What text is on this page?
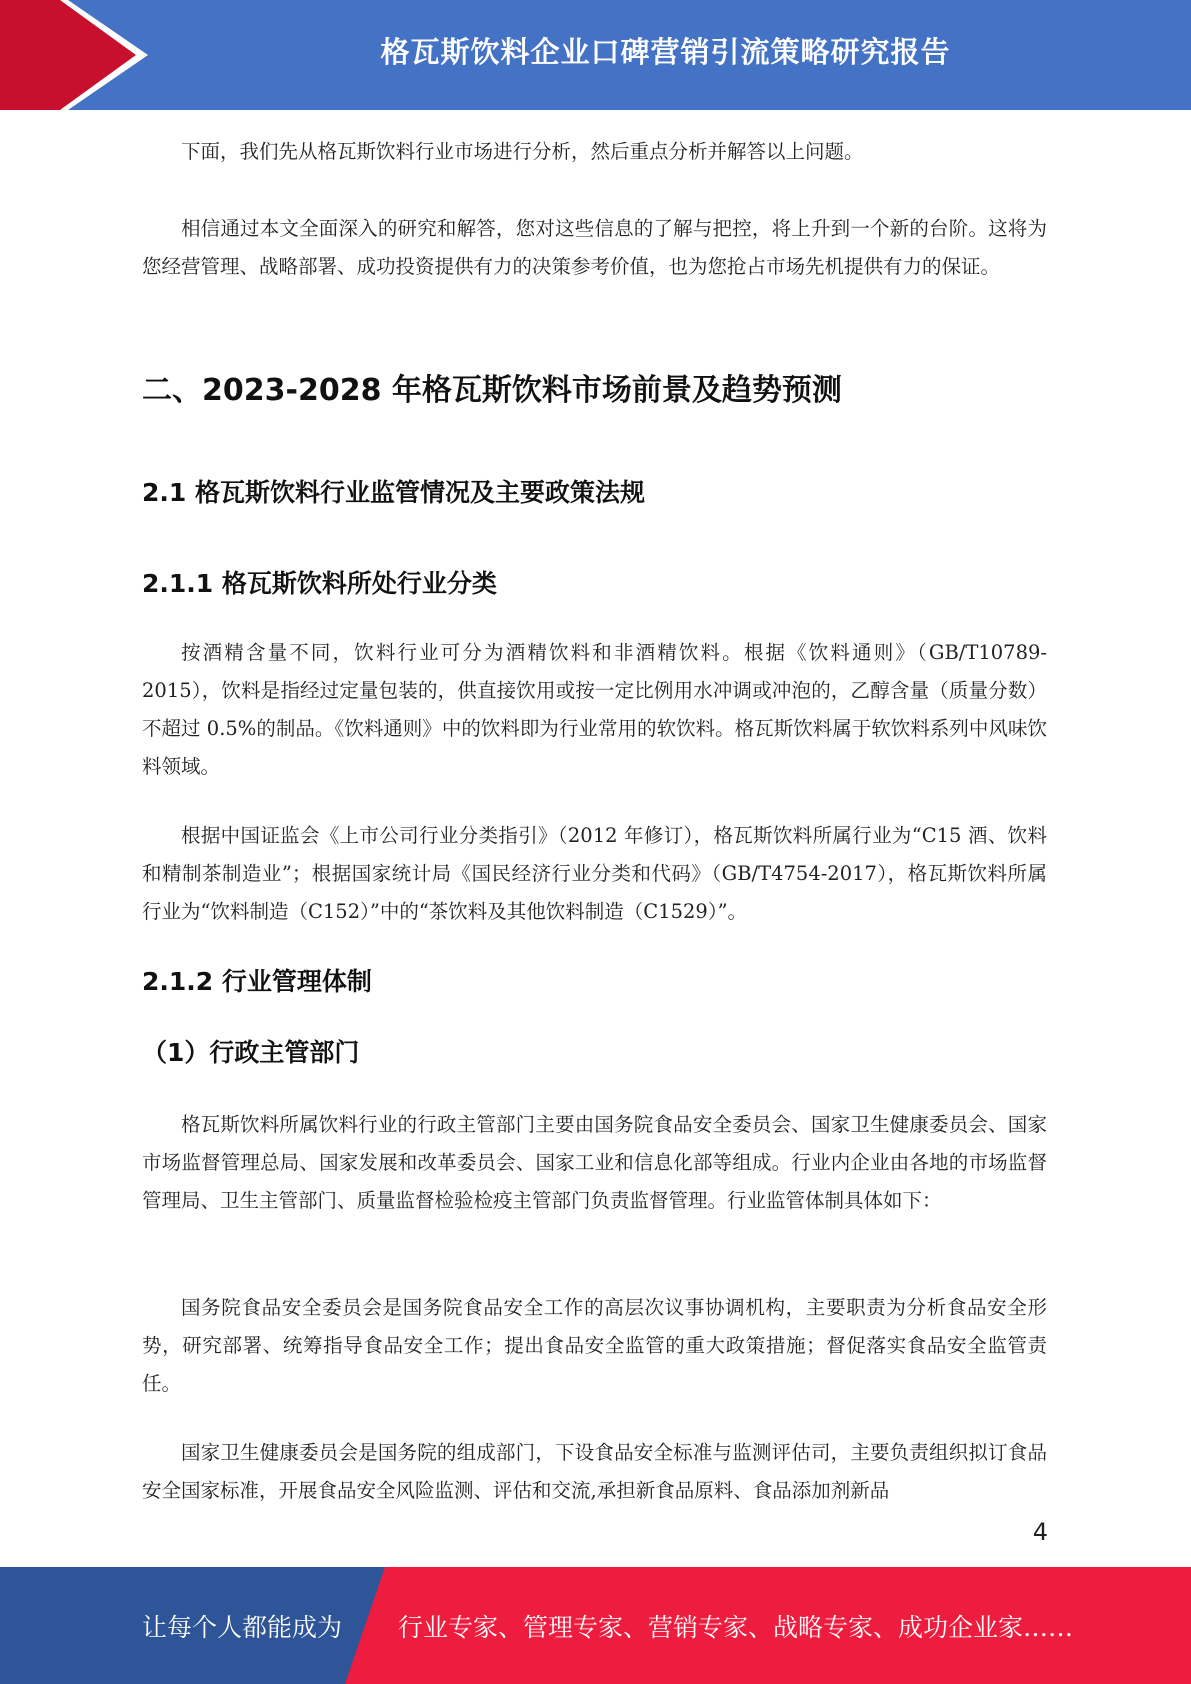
格瓦斯饮料企业口碑营销引流策略研究报告

下面，我们先从格瓦斯饮料行业市场进行分析，然后重点分析并解答以上问题。

相信通过本文全面深入的研究和解答，您对这些信息的了解与把控，将上升到一个新的台阶。这将为您经营管理、战略部署、成功投资提供有力的决策参考价值，也为您抢占市场先机提供有力的保证。

二、2023-2028 年格瓦斯饮料市场前景及趋势预测
2.1 格瓦斯饮料行业监管情况及主要政策法规
2.1.1 格瓦斯饮料所处行业分类

按酒精含量不同，饮料行业可分为酒精饮料和非酒精饮料。根据《饮料通则》（GB/T10789-2015），饮料是指经过定量包装的，供直接饮用或按一定比例用水冲调或冲泡的，乙醇含量（质量分数）不超过 0.5%的制品。《饮料通则》中的饮料即为行业常用的软饮料。格瓦斯饮料属于软饮料系列中风味饮料领域。

根据中国证监会《上市公司行业分类指引》（2012 年修订），格瓦斯饮料所属行业为“C15 酒、饮料和精制茶制造业”；根据国家统计局《国民经济行业分类和代码》（GB/T4754-2017），格瓦斯饮料所属行业为“饮料制造（C152）”中的“茶饮料及其他饮料制造（C1529）”。

2.1.2 行业管理体制
（1）行政主管部门

格瓦斯饮料所属饮料行业的行政主管部门主要由国务院食品安全委员会、国家卫生健康委员会、国家市场监督管理总局、国家发展和改革委员会、国家工业和信息化部等组成。行业内企业由各地的市场监督管理局、卫生主管部门、质量监督检验检疫主管部门负责监督管理。行业监管体制具体如下：

国务院食品安全委员会是国务院食品安全工作的高层次议事协调机构，主要职责为分析食品安全形势，研究部署、统筹指导食品安全工作；提出食品安全监管的重大政策措施；督促落实食品安全监管责任。

国家卫生健康委员会是国务院的组成部门，下设食品安全标准与监测评估司，主要负责组织拟订食品安全国家标准，开展食品安全风险监测、评估和交流,承担新食品原料、食品添加剂新品

4
让每个人都能成为 行业专家、管理专家、营销专家、战略专家、成功企业家……
